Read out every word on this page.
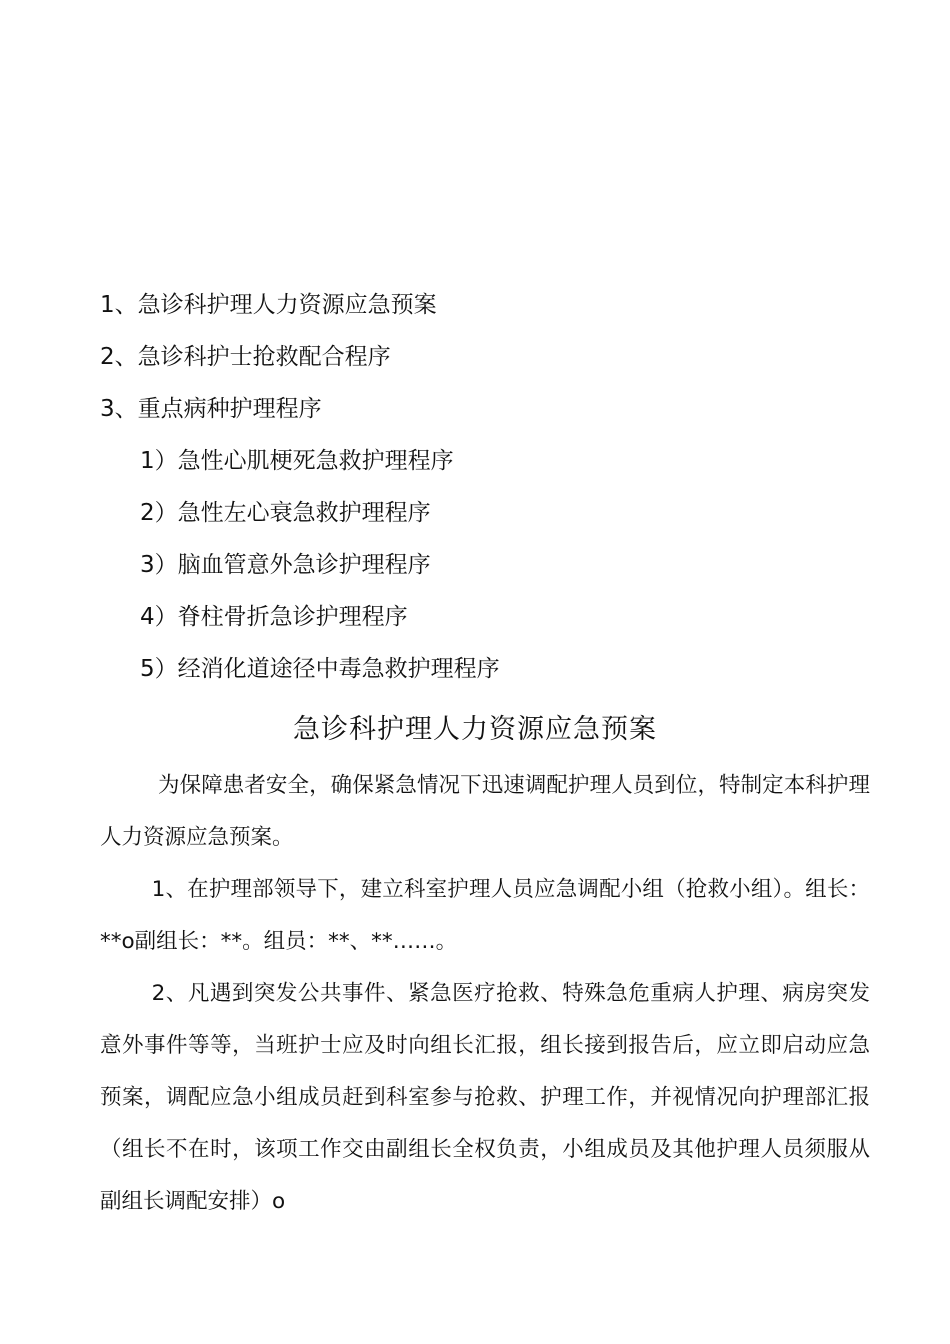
1、急诊科护理人力资源应急预案
2、急诊科护士抢救配合程序
3、重点病种护理程序
1）急性心肌梗死急救护理程序
2）急性左心衰急救护理程序
3）脑血管意外急诊护理程序
4）脊柱骨折急诊护理程序
5）经消化道途径中毒急救护理程序
急诊科护理人力资源应急预案

为保障患者安全，确保紧急情况下迅速调配护理人员到位，特制定本科护理人力资源应急预案。

1、在护理部领导下，建立科室护理人员应急调配小组（抢救小组）。组长：**o副组长：**。组员：**、**……。

2、凡遇到突发公共事件、紧急医疗抢救、特殊急危重病人护理、病房突发意外事件等等，当班护士应及时向组长汇报，组长接到报告后，应立即启动应急预案，调配应急小组成员赶到科室参与抢救、护理工作，并视情况向护理部汇报（组长不在时，该项工作交由副组长全权负责，小组成员及其他护理人员须服从副组长调配安排）o
